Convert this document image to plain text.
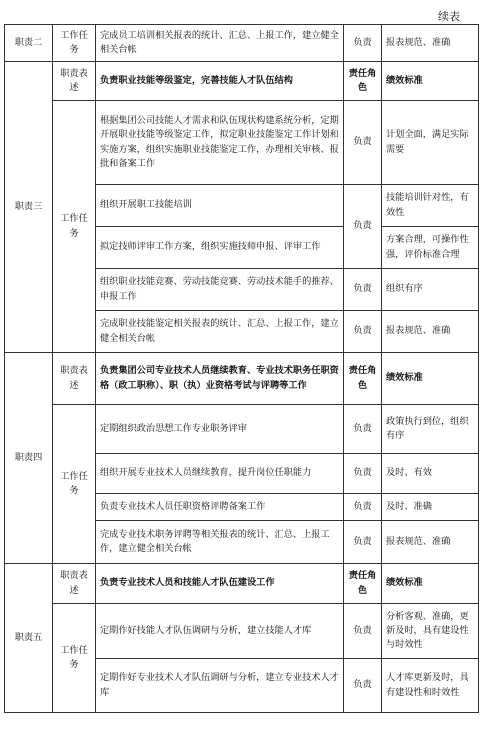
续表
职责二	工作任务	完成员工培训相关报表的统计、汇总、上报工作，建立健全相关台帐	负责	报表规范、准确
职责三	职责表述	负责职业技能等级鉴定，完善技能人才队伍结构	责任角色	绩效标准
	工作任务	根据集团公司技能人才需求和队伍现状构建系统分析，定期开展职业技能等级鉴定工作，拟定职业技能鉴定工作计划和实施方案，组织实施职业技能鉴定工作，办理相关审核、报批和备案工作	负责	计划全面，满足实际需要
		组织开展职工技能培训	负责	技能培训针对性，有效性
		拟定技师评审工作方案，组织实施技师申报、评审工作		方案合理，可操作性强，评价标准合理
		组织职业技能竞赛、劳动技能竞赛、劳动技术能手的推荐、申报工作	负责	组织有序
		完成职业技能鉴定相关报表的统计、汇总、上报工作，建立健全相关台帐	负责	报表规范、准确

职责四	职责表述	负责集团公司专业技术人员继续教育、专业技术职务任职资格（政工职称）、职（执）业资格考试与评聘等工作	责任角色	绩效标准
	工作任务	定期组织政治思想工作专业职务评审	负责	政策执行到位，组织有序
		组织开展专业技术人员继续教育，提升岗位任职能力	负责	及时、有效
		负责专业技术人员任职资格评聘备案工作	负责	及时、准确
		完成专业技术职务评聘等相关报表的统计、汇总、上报工作，建立健全相关台帐	负责	报表规范、准确
职责五	职责表述	负责专业技术人员和技能人才队伍建设工作	责任角色	绩效标准
	工作任务	定期作好技能人才队伍调研与分析，建立技能人才库	负责	分析客观、准确，更新及时，具有建设性与时效性
		定期作好专业技术人才队伍调研与分析，建立专业技术人才库	负责	人才库更新及时，具有建设性和时效性
